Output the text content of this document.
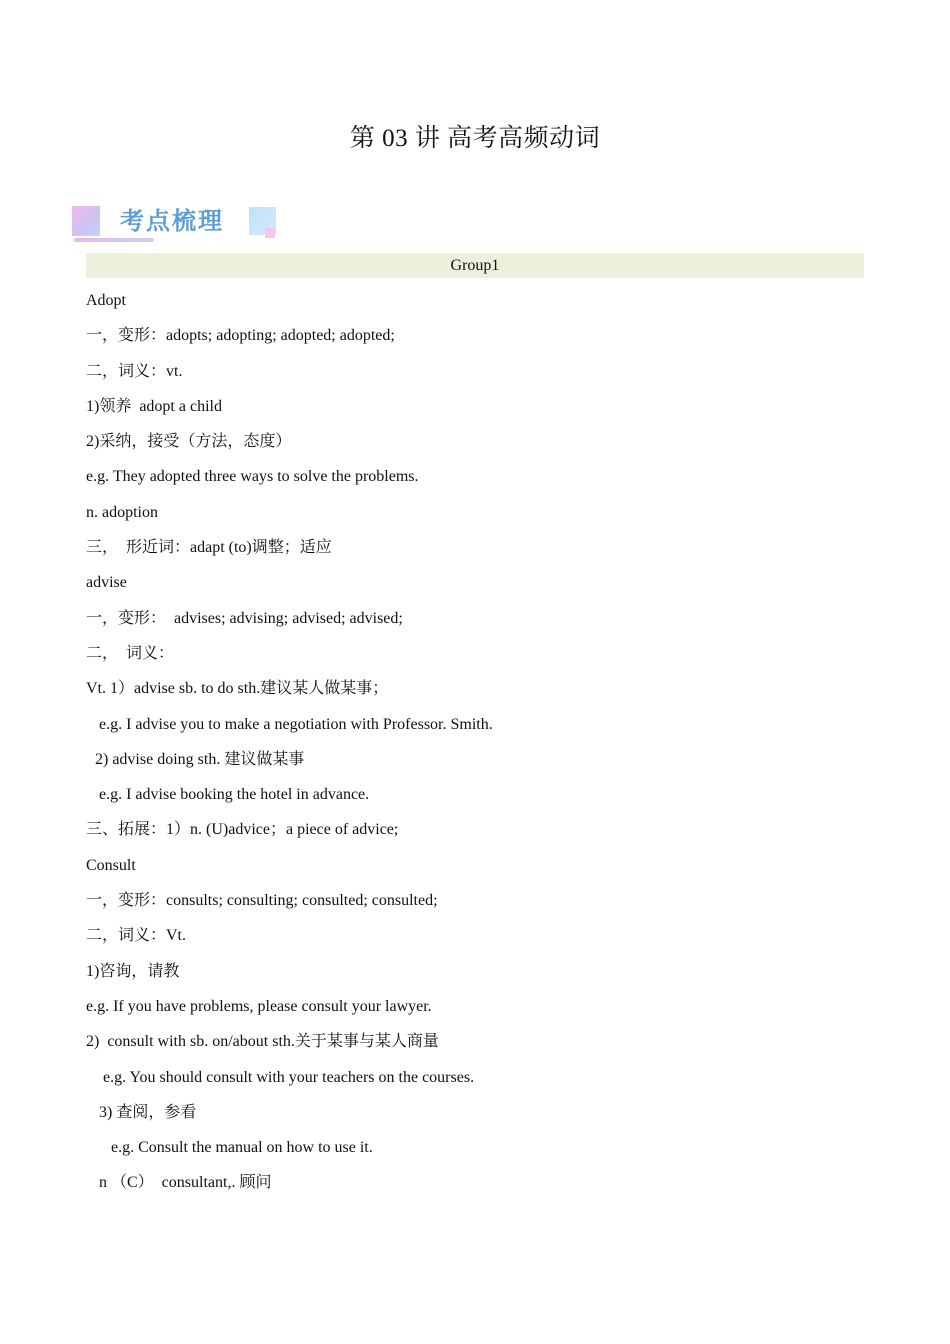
第 03 讲 高考高频动词
考点梳理
Group1
Adopt
一，变形：adopts; adopting; adopted; adopted;
二，词义：vt.
1)领养  adopt a child
2)采纳，接受（方法，态度）
e.g. They adopted three ways to solve the problems.
n. adoption
三，  形近词：adapt (to)调整；适应
advise
一，变形：  advises; advising; advised; advised;
二，  词义：
Vt. 1）advise sb. to do sth.建议某人做某事；
e.g. I advise you to make a negotiation with Professor. Smith.
2) advise doing sth. 建议做某事
e.g. I advise booking the hotel in advance.
三、拓展：1）n. (U)advice；a piece of advice;
Consult
一，变形：consults; consulting; consulted; consulted;
二，词义：Vt.
1)咨询，请教
e.g. If you have problems, please consult your lawyer.
2)  consult with sb. on/about sth.关于某事与某人商量
e.g. You should consult with your teachers on the courses.
3) 查阅，参看
e.g. Consult the manual on how to use it.
n （C）  consultant,. 顾问
